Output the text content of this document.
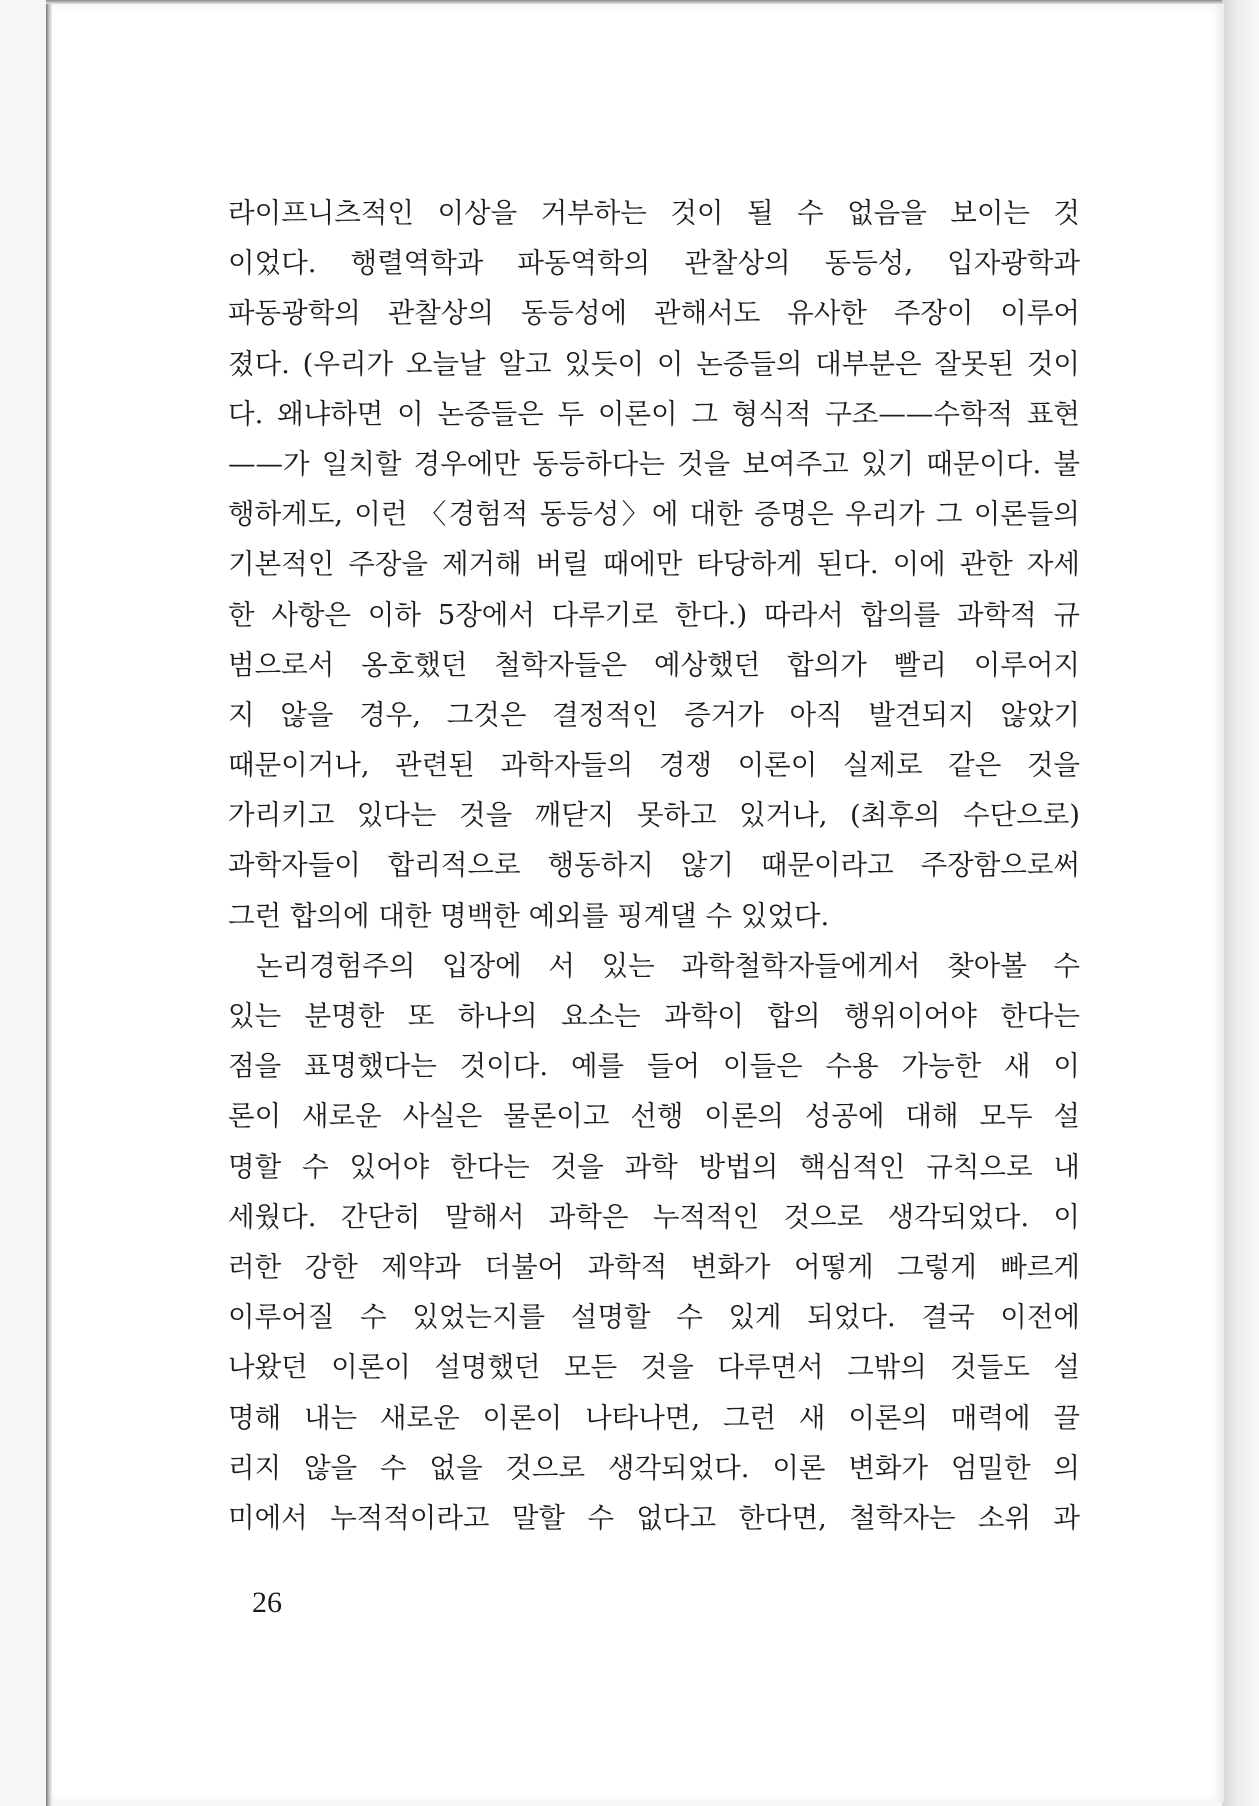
라이프니츠적인 이상을 거부하는 것이 될 수 없음을 보이는 것
이었다. 행렬역학과 파동역학의 관찰상의 동등성, 입자광학과
파동광학의 관찰상의 동등성에 관해서도 유사한 주장이 이루어
졌다. (우리가 오늘날 알고 있듯이 이 논증들의 대부분은 잘못된 것이
다. 왜냐하면 이 논증들은 두 이론이 그 형식적 구조——수학적 표현
——가 일치할 경우에만 동등하다는 것을 보여주고 있기 때문이다. 불
행하게도, 이런 〈경험적 동등성〉에 대한 증명은 우리가 그 이론들의
기본적인 주장을 제거해 버릴 때에만 타당하게 된다. 이에 관한 자세
한 사항은 이하 5장에서 다루기로 한다.) 따라서 합의를 과학적 규
범으로서 옹호했던 철학자들은 예상했던 합의가 빨리 이루어지
지 않을 경우, 그것은 결정적인 증거가 아직 발견되지 않았기
때문이거나, 관련된 과학자들의 경쟁 이론이 실제로 같은 것을
가리키고 있다는 것을 깨닫지 못하고 있거나, (최후의 수단으로)
과학자들이 합리적으로 행동하지 않기 때문이라고 주장함으로써
그런 합의에 대한 명백한 예외를 핑계댈 수 있었다.
논리경험주의 입장에 서 있는 과학철학자들에게서 찾아볼 수
있는 분명한 또 하나의 요소는 과학이 합의 행위이어야 한다는
점을 표명했다는 것이다. 예를 들어 이들은 수용 가능한 새 이
론이 새로운 사실은 물론이고 선행 이론의 성공에 대해 모두 설
명할 수 있어야 한다는 것을 과학 방법의 핵심적인 규칙으로 내
세웠다. 간단히 말해서 과학은 누적적인 것으로 생각되었다. 이
러한 강한 제약과 더불어 과학적 변화가 어떻게 그렇게 빠르게
이루어질 수 있었는지를 설명할 수 있게 되었다. 결국 이전에
나왔던 이론이 설명했던 모든 것을 다루면서 그밖의 것들도 설
명해 내는 새로운 이론이 나타나면, 그런 새 이론의 매력에 끌
리지 않을 수 없을 것으로 생각되었다. 이론 변화가 엄밀한 의
미에서 누적적이라고 말할 수 없다고 한다면, 철학자는 소위 과

26
